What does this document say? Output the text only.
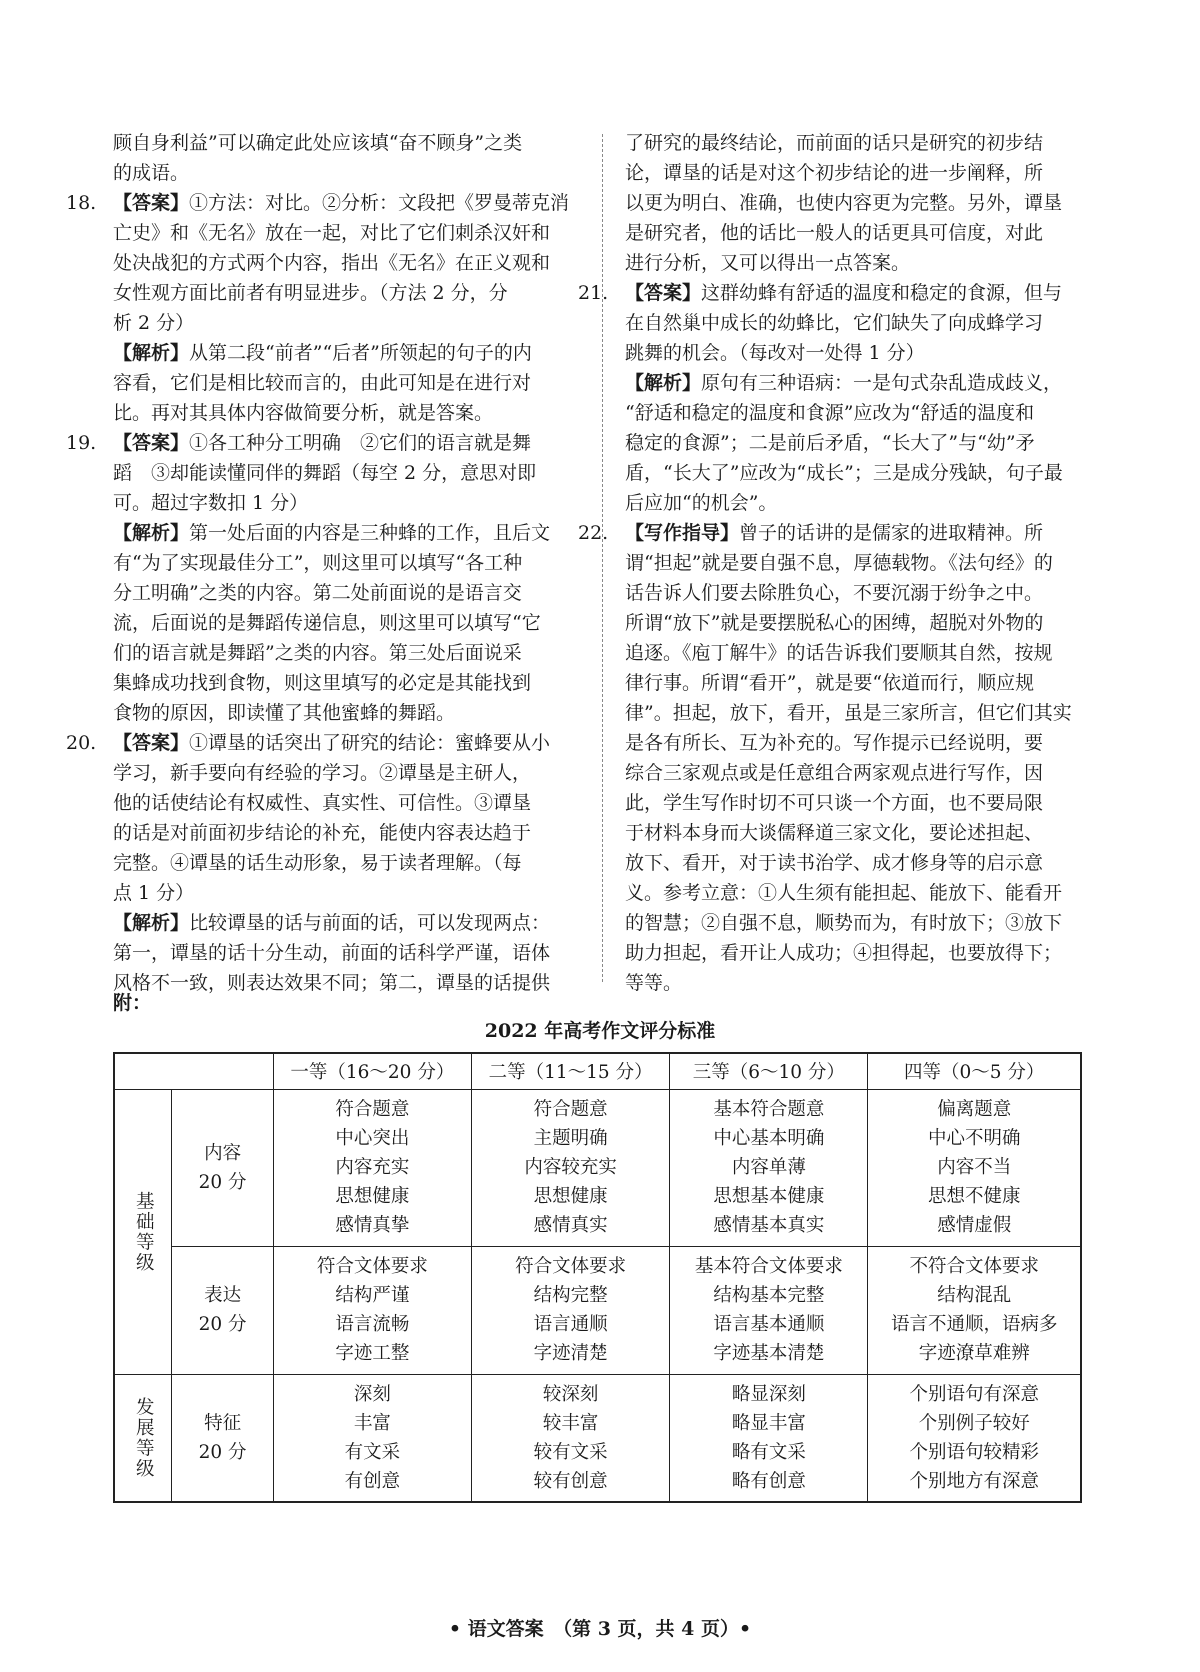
顾自身利益”可以确定此处应该填“奋不顾身”之类
的成语。
18. 【答案】①方法：对比。②分析：文段把《罗曼蒂克消
亡史》和《无名》放在一起，对比了它们刺杀汉奸和
处决战犯的方式两个内容，指出《无名》在正义观和
女性观方面比前者有明显进步。（方法 2 分，分
析 2 分）
【解析】从第二段“前者”“后者”所领起的句子的内
容看，它们是相比较而言的，由此可知是在进行对
比。再对其具体内容做简要分析，就是答案。
19. 【答案】①各工种分工明确　②它们的语言就是舞
蹈　③却能读懂同伴的舞蹈（每空 2 分，意思对即
可。超过字数扣 1 分）
【解析】第一处后面的内容是三种蜂的工作，且后文
有“为了实现最佳分工”，则这里可以填写“各工种
分工明确”之类的内容。第二处前面说的是语言交
流，后面说的是舞蹈传递信息，则这里可以填写“它
们的语言就是舞蹈”之类的内容。第三处后面说采
集蜂成功找到食物，则这里填写的必定是其能找到
食物的原因，即读懂了其他蜜蜂的舞蹈。
20. 【答案】①谭垦的话突出了研究的结论：蜜蜂要从小
学习，新手要向有经验的学习。②谭垦是主研人，
他的话使结论有权威性、真实性、可信性。③谭垦
的话是对前面初步结论的补充，能使内容表达趋于
完整。④谭垦的话生动形象，易于读者理解。（每
点 1 分）
【解析】比较谭垦的话与前面的话，可以发现两点：
第一，谭垦的话十分生动，前面的话科学严谨，语体
风格不一致，则表达效果不同；第二，谭垦的话提供
了研究的最终结论，而前面的话只是研究的初步结
论，谭垦的话是对这个初步结论的进一步阐释，所
以更为明白、准确，也使内容更为完整。另外，谭垦
是研究者，他的话比一般人的话更具可信度，对此
进行分析，又可以得出一点答案。
21. 【答案】这群幼蜂有舒适的温度和稳定的食源，但与
在自然巢中成长的幼蜂比，它们缺失了向成蜂学习
跳舞的机会。（每改对一处得 1 分）
【解析】原句有三种语病：一是句式杂乱造成歧义，
“舒适和稳定的温度和食源”应改为“舒适的温度和
稳定的食源”；二是前后矛盾，“长大了”与“幼”矛
盾，“长大了”应改为“成长”；三是成分残缺，句子最
后应加“的机会”。
22. 【写作指导】曾子的话讲的是儒家的进取精神。所
谓“担起”就是要自强不息，厚德载物。《法句经》的
话告诉人们要去除胜负心，不要沉溺于纷争之中。
所谓“放下”就是要摆脱私心的困缚，超脱对外物的
追逐。《庖丁解牛》的话告诉我们要顺其自然，按规
律行事。所谓“看开”，就是要“依道而行，顺应规
律”。担起，放下，看开，虽是三家所言，但它们其实
是各有所长、互为补充的。写作提示已经说明，要
综合三家观点或是任意组合两家观点进行写作，因
此，学生写作时切不可只谈一个方面，也不要局限
于材料本身而大谈儒释道三家文化，要论述担起、
放下、看开，对于读书治学、成才修身等的启示意
义。参考立意：①人生须有能担起、能放下、能看开
的智慧；②自强不息，顺势而为，有时放下；③放下
助力担起，看开让人成功；④担得起，也要放得下；
等等。
附：
2022 年高考作文评分标准
		一等（16～20 分）	二等（11～15 分）	三等（6～10 分）	四等（0～5 分）

基础等级	内容
20 分	符合题意
中心突出
内容充实
思想健康
感情真挚	符合题意
主题明确
内容较充实
思想健康
感情真实	基本符合题意
中心基本明确
内容单薄
思想基本健康
感情基本真实	偏离题意
中心不明确
内容不当
思想不健康
感情虚假

	表达
20 分	符合文体要求
结构严谨
语言流畅
字迹工整	符合文体要求
结构完整
语言通顺
字迹清楚	基本符合文体要求
结构基本完整
语言基本通顺
字迹基本清楚	不符合文体要求
结构混乱
语言不通顺，语病多
字迹潦草难辨

发展等级	特征
20 分	深刻
丰富
有文采
有创意	较深刻
较丰富
较有文采
较有创意	略显深刻
略显丰富
略有文采
略有创意	个别语句有深意
个别例子较好
个别语句较精彩
个别地方有深意
• 语文答案　（第 3 页，共 4 页）•
